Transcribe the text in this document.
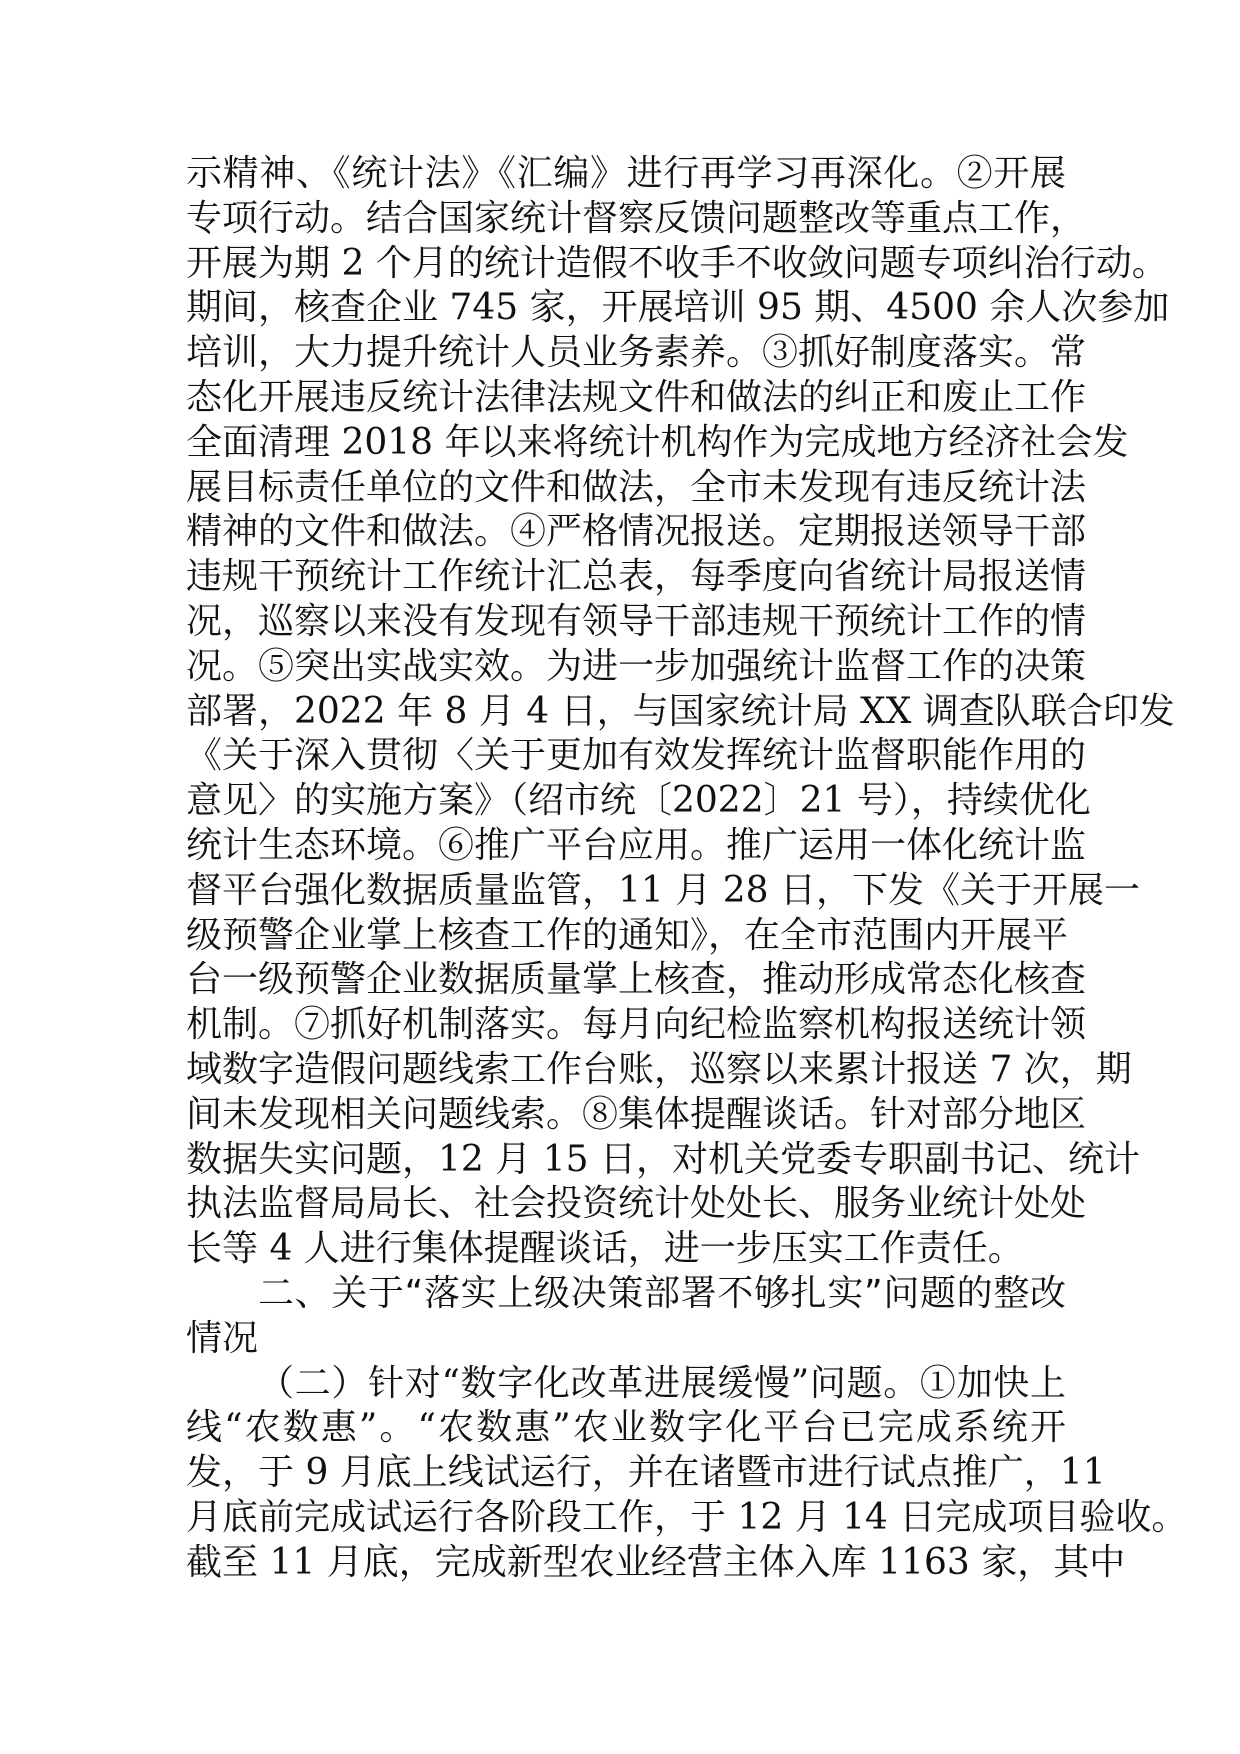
示精神、《统计法》《汇编》进行再学习再深化。②开展
专项行动。结合国家统计督察反馈问题整改等重点工作，
开展为期 2 个月的统计造假不收手不收敛问题专项纠治行动。
期间，核查企业 745 家，开展培训 95 期、4500 余人次参加
培训，大力提升统计人员业务素养。③抓好制度落实。常
态化开展违反统计法律法规文件和做法的纠正和废止工作
全面清理 2018 年以来将统计机构作为完成地方经济社会发
展目标责任单位的文件和做法，全市未发现有违反统计法
精神的文件和做法。④严格情况报送。定期报送领导干部
违规干预统计工作统计汇总表，每季度向省统计局报送情
况，巡察以来没有发现有领导干部违规干预统计工作的情
况。⑤突出实战实效。为进一步加强统计监督工作的决策
部署，2022 年 8 月 4 日，与国家统计局 XX 调查队联合印发
《关于深入贯彻〈关于更加有效发挥统计监督职能作用的
意见〉的实施方案》（绍市统〔2022〕21 号），持续优化
统计生态环境。⑥推广平台应用。推广运用一体化统计监
督平台强化数据质量监管，11 月 28 日，下发《关于开展一
级预警企业掌上核查工作的通知》，在全市范围内开展平
台一级预警企业数据质量掌上核查，推动形成常态化核查
机制。⑦抓好机制落实。每月向纪检监察机构报送统计领
域数字造假问题线索工作台账，巡察以来累计报送 7 次，期
间未发现相关问题线索。⑧集体提醒谈话。针对部分地区
数据失实问题，12 月 15 日，对机关党委专职副书记、统计
执法监督局局长、社会投资统计处处长、服务业统计处处
长等 4 人进行集体提醒谈话，进一步压实工作责任。
二、关于“落实上级决策部署不够扎实”问题的整改
情况
（二）针对“数字化改革进展缓慢”问题。①加快上
线“农数惠”。“农数惠”农业数字化平台已完成系统开
发，于 9 月底上线试运行，并在诸暨市进行试点推广，11
月底前完成试运行各阶段工作，于 12 月 14 日完成项目验收。
截至 11 月底，完成新型农业经营主体入库 1163 家，其中
